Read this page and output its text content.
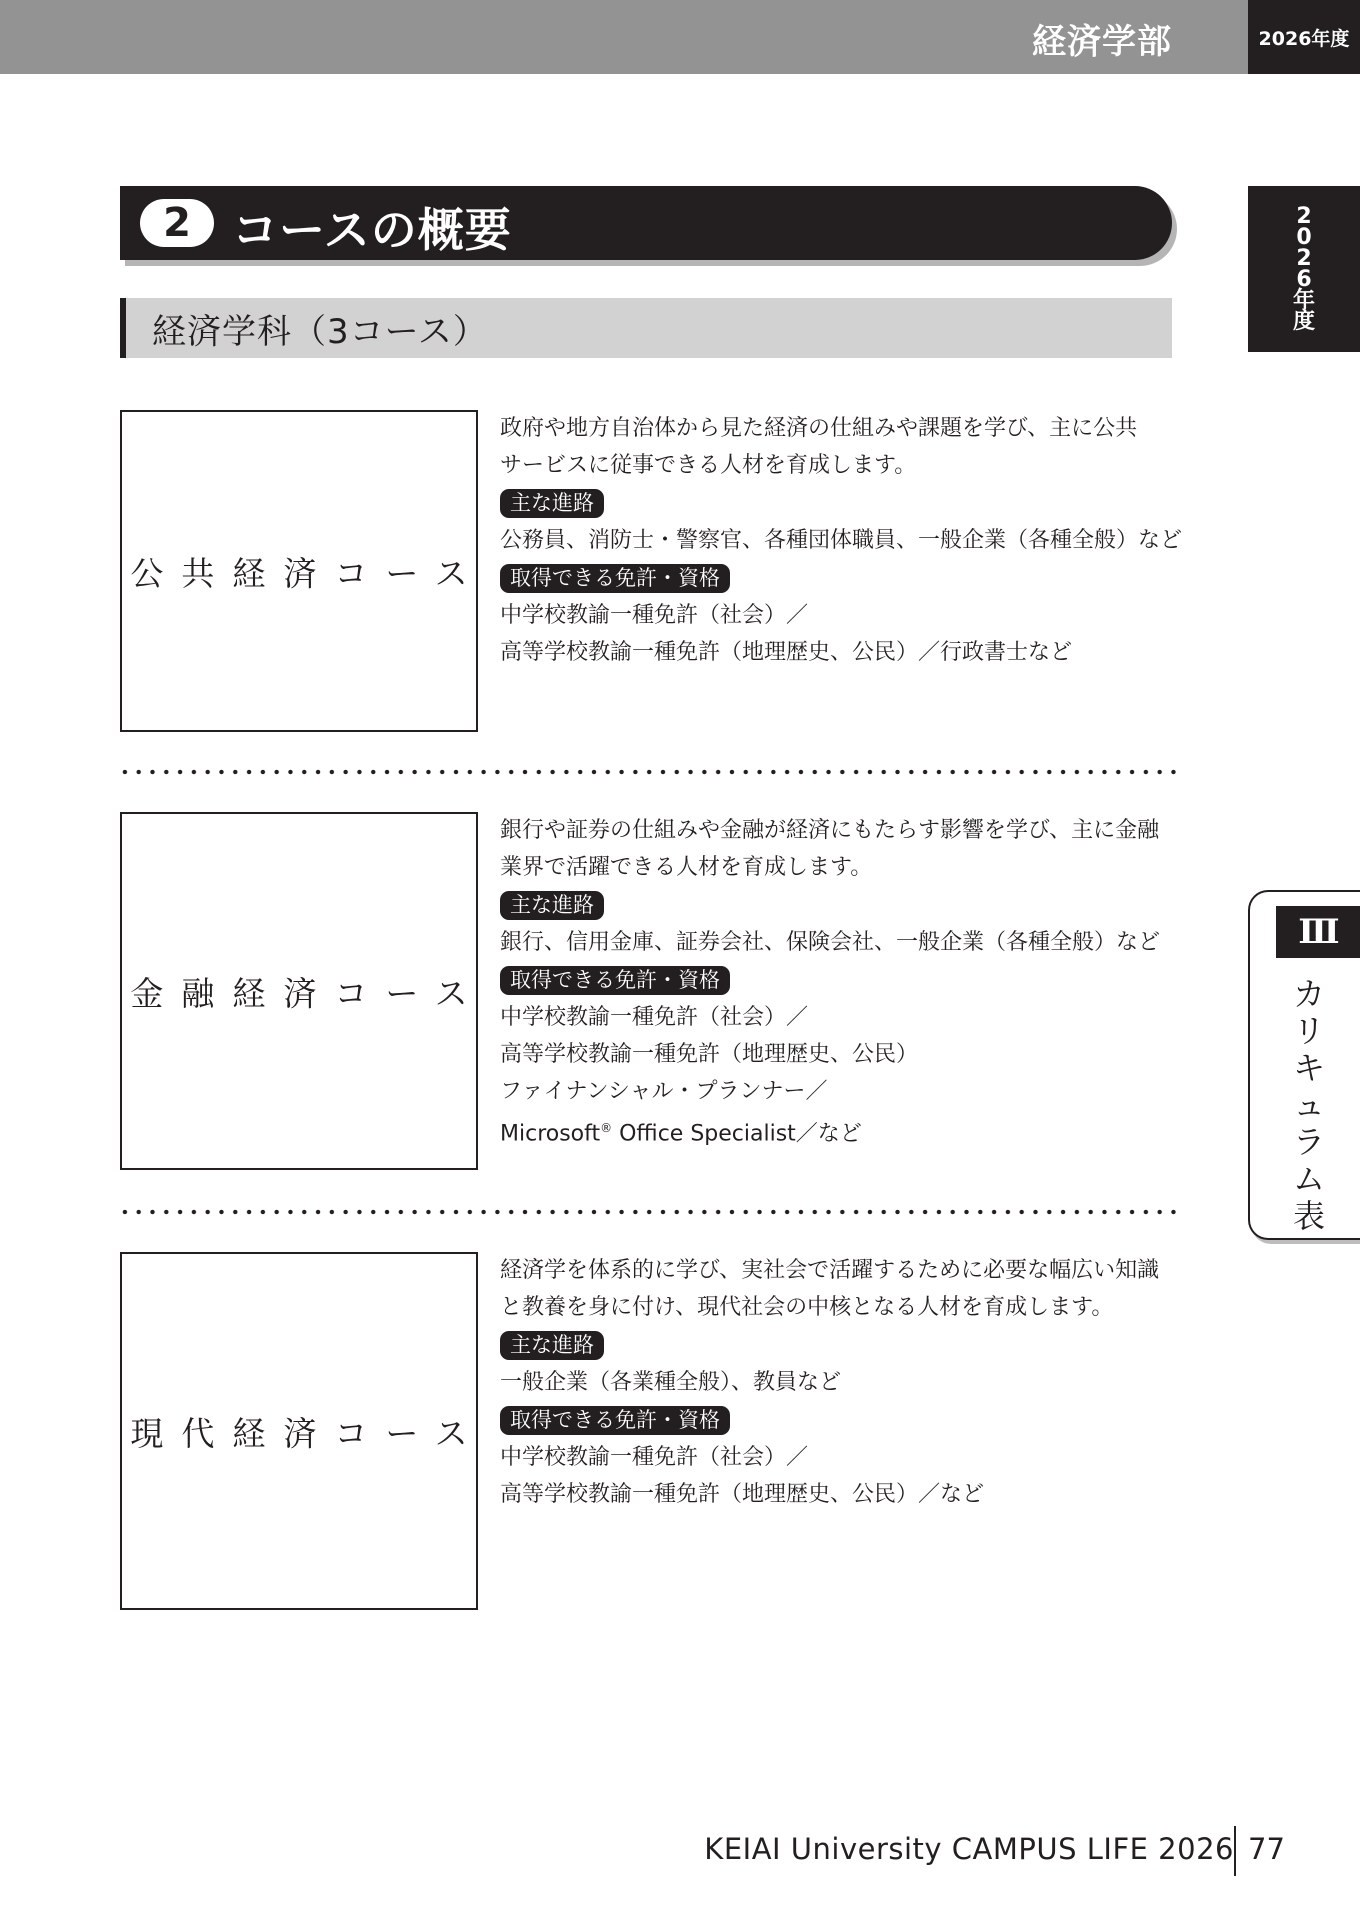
経済学部	2026年度
2
0
2
6
年
度
Ⅲ
カ
リ
キ
ュ
ラ
ム
表
2 コースの概要
経済学科（3コース）
公共経済コース

政府や地方自治体から見た経済の仕組みや課題を学び、主に公共

サービスに従事できる人材を育成します。

主な進路

公務員、消防士・警察官、各種団体職員、一般企業（各種全般）など

取得できる免許・資格

中学校教諭一種免許（社会）／

高等学校教諭一種免許（地理歴史、公民）／行政書士など

金融経済コース

銀行や証券の仕組みや金融が経済にもたらす影響を学び、主に金融

業界で活躍できる人材を育成します。

主な進路

銀行、信用金庫、証券会社、保険会社、一般企業（各種全般）など

取得できる免許・資格

中学校教諭一種免許（社会）／

高等学校教諭一種免許（地理歴史、公民）

ファイナンシャル・プランナー／

Microsoft® Office Specialist／など

現代経済コース

経済学を体系的に学び、実社会で活躍するために必要な幅広い知識

と教養を身に付け、現代社会の中核となる人材を育成します。

主な進路

一般企業（各業種全般）、教員など

取得できる免許・資格

中学校教諭一種免許（社会）／

高等学校教諭一種免許（地理歴史、公民）／など

KEIAI University CAMPUS LIFE 2026 77
